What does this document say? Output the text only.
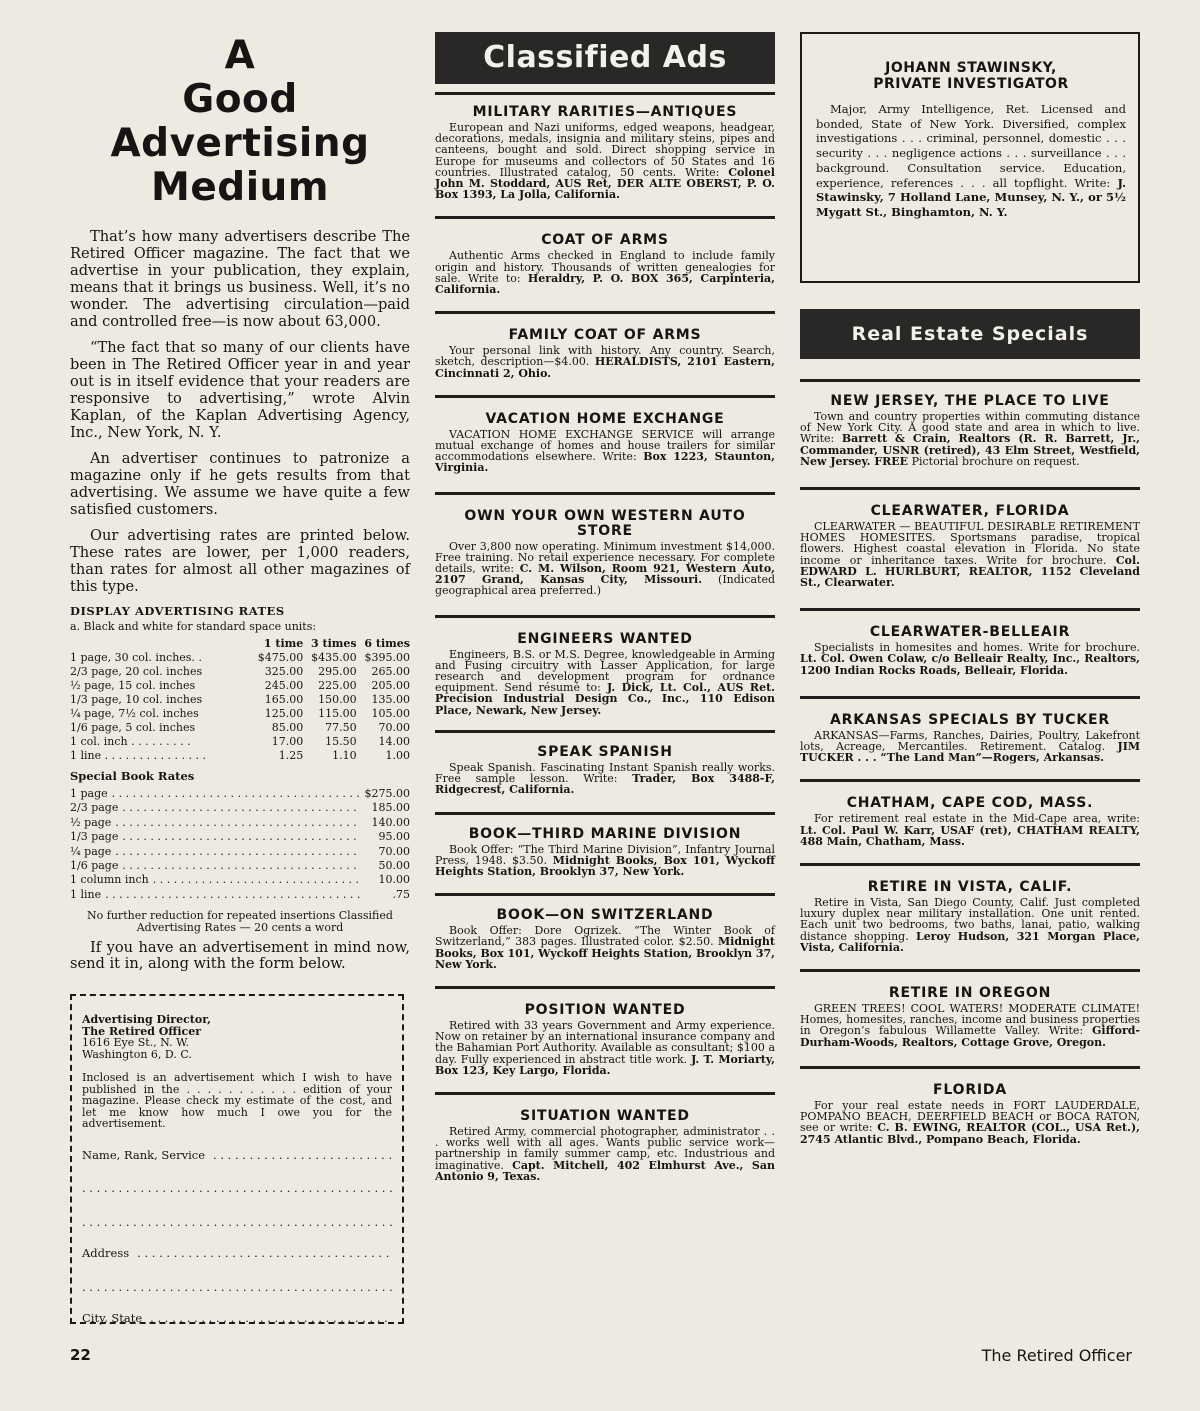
A
Good
Advertising
Medium

That’s how many advertisers describe The Retired Officer magazine. The fact that we advertise in your publication, they explain, means that it brings us business. Well, it’s no wonder. The advertising circulation—paid and controlled free—is now about 63,000.

“The fact that so many of our clients have been in The Retired Officer year in and year out is in itself evidence that your readers are responsive to advertising,” wrote Alvin Kaplan, of the Kaplan Advertising Agency, Inc., New York, N. Y.

An advertiser continues to patronize a magazine only if he gets results from that advertising. We assume we have quite a few satisfied customers.

Our advertising rates are printed below. These rates are lower, per 1,000 readers, than rates for almost all other magazines of this type.

DISPLAY ADVERTISING RATES
a. Black and white for standard space units:
	1 time	3 times	6 times
1 page, 30 col. inches. .	$475.00	$435.00	$395.00
2/3 page, 20 col. inches	325.00	295.00	265.00
½ page, 15 col. inches	245.00	225.00	205.00
1/3 page, 10 col. inches	165.00	150.00	135.00
¼ page, 7½ col. inches	125.00	115.00	105.00
1/6 page, 5 col. inches	85.00	77.50	70.00
1 col. inch . . . . . . . . .	17.00	15.50	14.00
1 line . . . . . . . . . . . . . . .	1.25	1.10	1.00
Special Book Rates
1 page . . .	$275.00
2/3 page . . .	185.00
½ page . . .	140.00
1/3 page . . .	95.00
¼ page . . .	70.00
1/6 page . . .	50.00
1 column inch . . .	10.00
1 line . . .	.75
No further reduction for repeated insertions Classified Advertising Rates — 20 cents a word

If you have an advertisement in mind now, send it in, along with the form below.

Advertising Director,
The Retired Officer
1616 Eye St., N. W.
Washington 6, D. C.
Inclosed is an advertisement which I wish to have published in the . . . . . . . . . . . edition of your magazine. Please check my estimate of the cost, and let me know how much I owe you for the advertisement.
Name, Rank, Service
. . .
. . .
. . .
Address
. . .
. . .
City, State
. . .
Classified Ads
MILITARY RARITIES—ANTIQUES

European and Nazi uniforms, edged weapons, headgear, decorations, medals, insignia and military steins, pipes and canteens, bought and sold. Direct shopping service in Europe for museums and collectors of 50 States and 16 countries. Illustrated catalog, 50 cents. Write: Colonel John M. Stoddard, AUS Ret, DER ALTE OBERST, P. O. Box 1393, La Jolla, California.

COAT OF ARMS

Authentic Arms checked in England to include family origin and history. Thousands of written genealogies for sale. Write to: Heraldry, P. O. BOX 365, Carpinteria, California.

FAMILY COAT OF ARMS

Your personal link with history. Any country. Search, sketch, description—$4.00. HERALDISTS, 2101 Eastern, Cincinnati 2, Ohio.

VACATION HOME EXCHANGE

VACATION HOME EXCHANGE SERVICE will arrange mutual exchange of homes and house trailers for similar accommodations elsewhere. Write: Box 1223, Staunton, Virginia.

OWN YOUR OWN WESTERN AUTO STORE

Over 3,800 now operating. Minimum investment $14,000. Free training. No retail experience necessary. For complete details, write: C. M. Wilson, Room 921, Western Auto, 2107 Grand, Kansas City, Missouri. (Indicated geographical area preferred.)

ENGINEERS WANTED

Engineers, B.S. or M.S. Degree, knowledgeable in Arming and Fusing circuitry with Lasser Application, for large research and development program for ordnance equipment. Send résumé to: J. Dick, Lt. Col., AUS Ret. Precision Industrial Design Co., Inc., 110 Edison Place, Newark, New Jersey.

SPEAK SPANISH

Speak Spanish. Fascinating Instant Spanish really works. Free sample lesson. Write: Trader, Box 3488-F, Ridgecrest, California.

BOOK—THIRD MARINE DIVISION

Book Offer: “The Third Marine Division”, Infantry Journal Press, 1948. $3.50. Midnight Books, Box 101, Wyckoff Heights Station, Brooklyn 37, New York.

BOOK—ON SWITZERLAND

Book Offer: Dore Ogrizek. “The Winter Book of Switzerland,” 383 pages. Illustrated color. $2.50. Midnight Books, Box 101, Wyckoff Heights Station, Brooklyn 37, New York.

POSITION WANTED

Retired with 33 years Government and Army experience. Now on retainer by an international insurance company and the Bahamian Port Authority. Available as consultant; $100 a day. Fully experienced in abstract title work. J. T. Moriarty, Box 123, Key Largo, Florida.

SITUATION WANTED

Retired Army, commercial photographer, administrator . . . works well with all ages. Wants public service work—partnership in family summer camp, etc. Industrious and imaginative. Capt. Mitchell, 402 Elmhurst Ave., San Antonio 9, Texas.

JOHANN STAWINSKY,
PRIVATE INVESTIGATOR
Major, Army Intelligence, Ret. Licensed and bonded, State of New York. Diversified, complex investigations . . . criminal, personnel, domestic . . . security . . . negligence actions . . . surveillance . . . background. Consultation service. Education, experience, references . . . all topflight. Write: J. Stawinsky, 7 Holland Lane, Munsey, N. Y., or 5½ Mygatt St., Binghamton, N. Y.
Real Estate Specials
NEW JERSEY, THE PLACE TO LIVE

Town and country properties within commuting distance of New York City. A good state and area in which to live. Write: Barrett & Crain, Realtors (R. R. Barrett, Jr., Commander, USNR (retired), 43 Elm Street, Westfield, New Jersey. FREE Pictorial brochure on request.

CLEARWATER, FLORIDA

CLEARWATER — BEAUTIFUL DESIRABLE RETIREMENT HOMES HOMESITES. Sportsmans paradise, tropical flowers. Highest coastal elevation in Florida. No state income or inheritance taxes. Write for brochure. Col. EDWARD L. HURLBURT, REALTOR, 1152 Cleveland St., Clearwater.

CLEARWATER-BELLEAIR

Specialists in homesites and homes. Write for brochure. Lt. Col. Owen Colaw, c/o Belleair Realty, Inc., Realtors, 1200 Indian Rocks Roads, Belleair, Florida.

ARKANSAS SPECIALS BY TUCKER

ARKANSAS—Farms, Ranches, Dairies, Poultry, Lakefront lots, Acreage, Mercantiles. Retirement. Catalog. JIM TUCKER . . . “The Land Man”—Rogers, Arkansas.

CHATHAM, CAPE COD, MASS.

For retirement real estate in the Mid-Cape area, write: Lt. Col. Paul W. Karr, USAF (ret), CHATHAM REALTY, 488 Main, Chatham, Mass.

RETIRE IN VISTA, CALIF.

Retire in Vista, San Diego County, Calif. Just completed luxury duplex near military installation. One unit rented. Each unit two bedrooms, two baths, lanai, patio, walking distance shopping. Leroy Hudson, 321 Morgan Place, Vista, California.

RETIRE IN OREGON

GREEN TREES! COOL WATERS! MODERATE CLIMATE! Homes, homesites, ranches, income and business properties in Oregon’s fabulous Willamette Valley. Write: Gifford-Durham-Woods, Realtors, Cottage Grove, Oregon.

FLORIDA

For your real estate needs in FORT LAUDERDALE, POMPANO BEACH, DEERFIELD BEACH or BOCA RATON, see or write: C. B. EWING, REALTOR (COL., USA Ret.), 2745 Atlantic Blvd., Pompano Beach, Florida.

22	The Retired Officer
